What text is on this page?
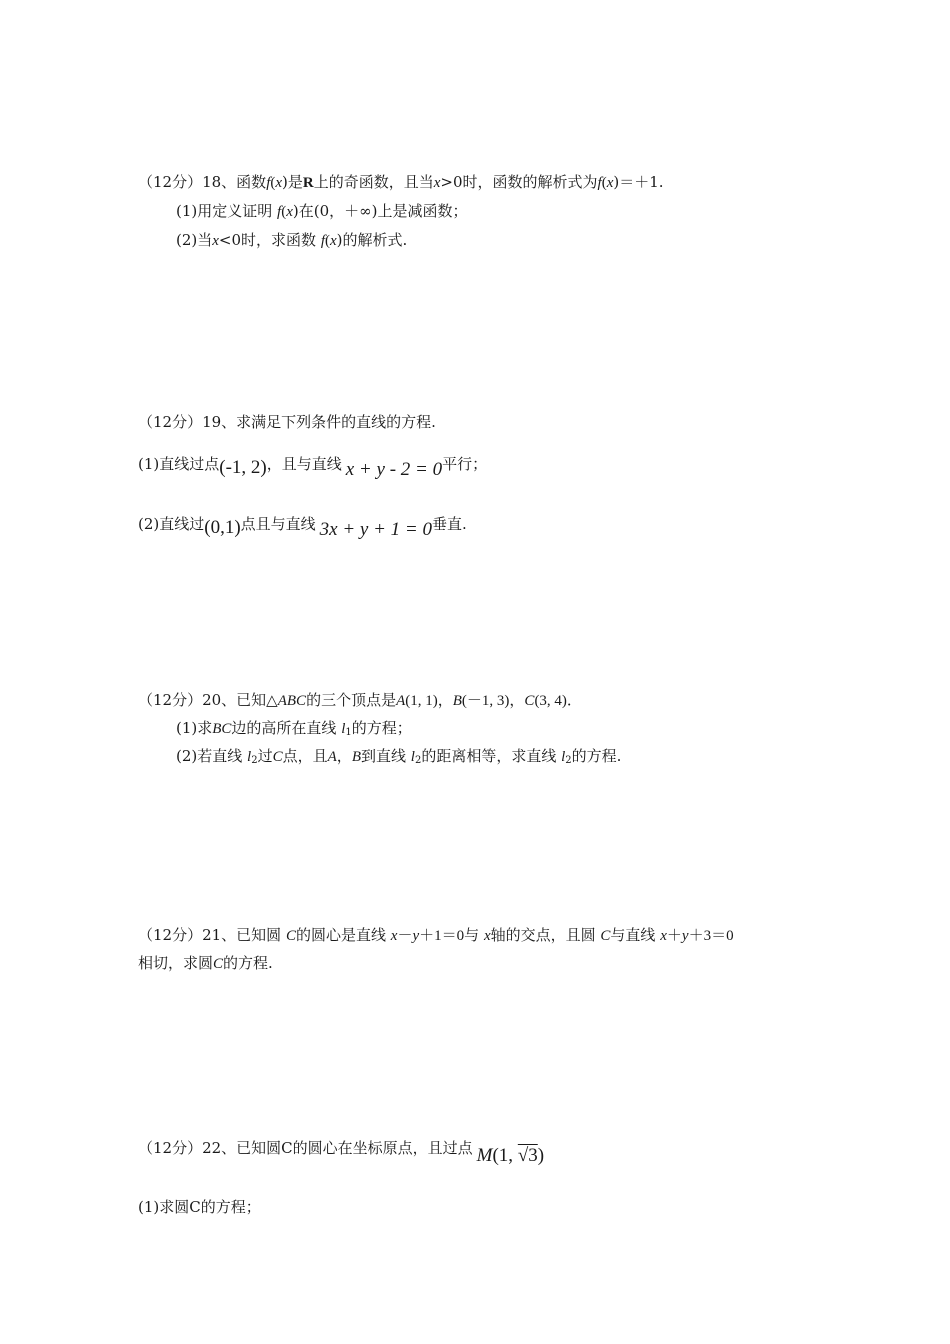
（12分）18、函数f(x)是R上的奇函数，且当x>0时，函数的解析式为f(x)＝＋1.
(1)用定义证明 f(x)在(0，＋∞)上是减函数；
(2)当x<0时，求函数 f(x)的解析式.
（12分）19、求满足下列条件的直线的方程.
(1)直线过点(-1, 2)，且与直线 x + y - 2 = 0平行；
(2)直线过(0,1)点且与直线 3x + y + 1 = 0垂直.
（12分）20、已知△ABC的三个顶点是A(1, 1)，B(－1, 3)，C(3, 4)．
(1)求BC边的高所在直线 $l_1$的方程；
(2)若直线 $l_2$过C点，且A，B到直线 $l_2$的距离相等，求直线 $l_2$的方程.
（12分）21、已知圆 C的圆心是直线 x－y＋1＝0与 x轴的交点，且圆 C与直线 x＋y＋3＝0
相切，求圆C的方程.
（12分）22、已知圆C的圆心在坐标原点，且过点 M(1, √3)
(1)求圆C的方程；
